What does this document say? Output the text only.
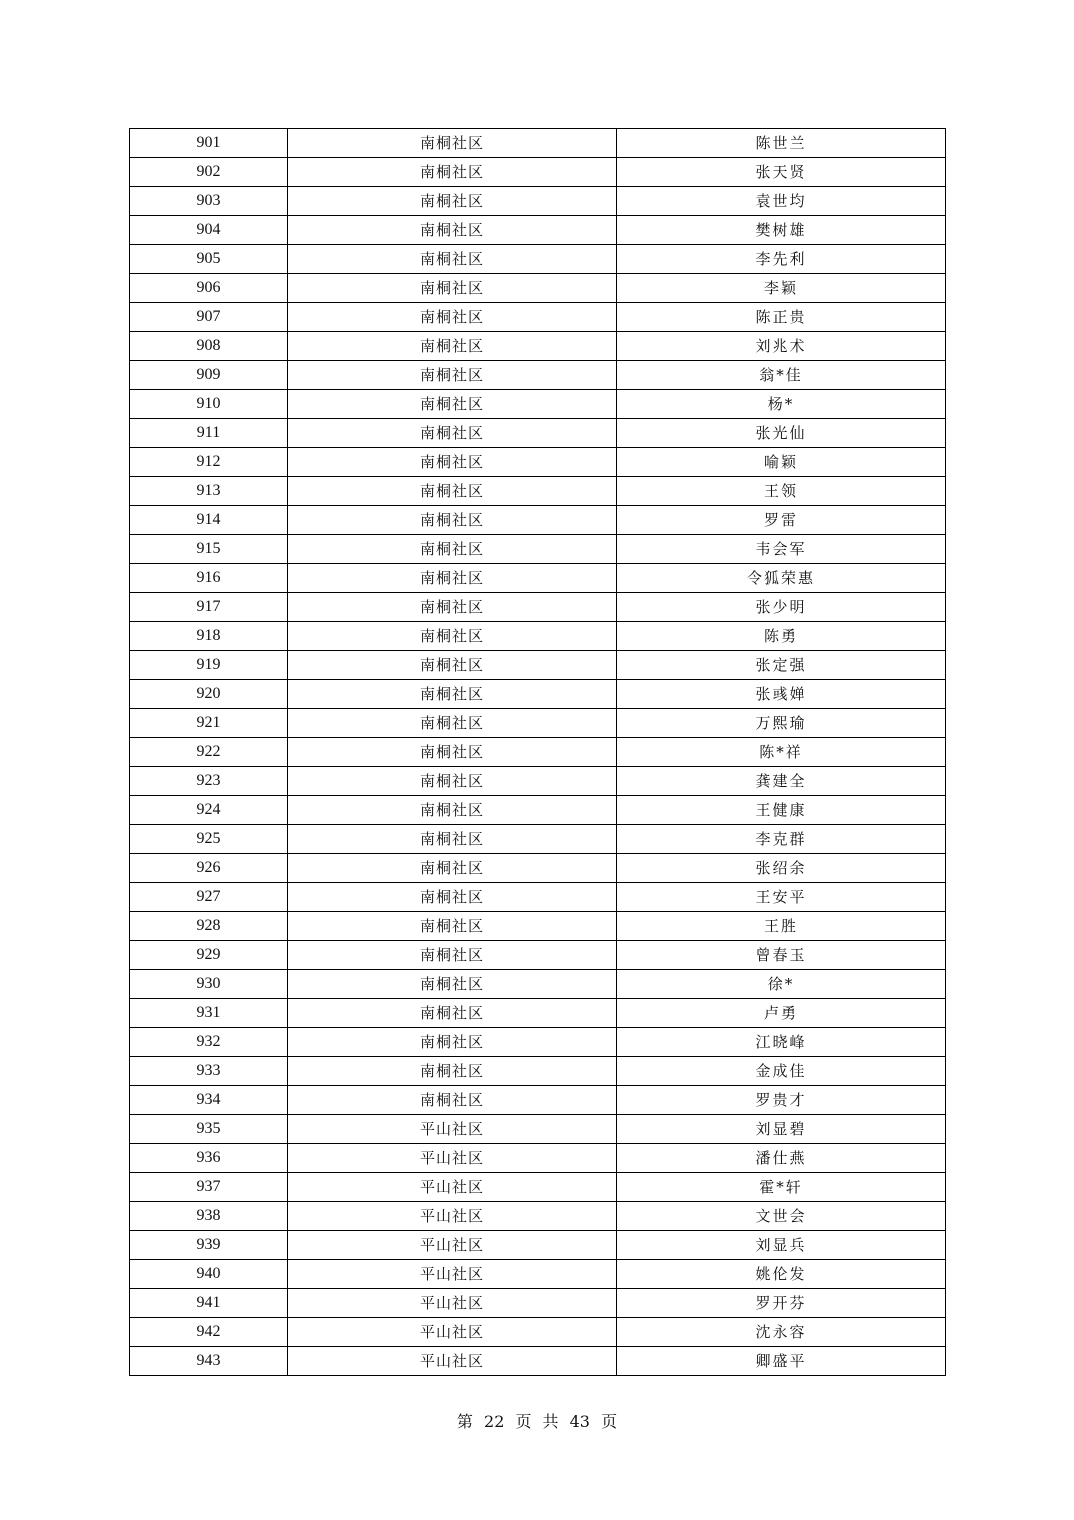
901	南桐社区	陈世兰
902	南桐社区	张天贤
903	南桐社区	袁世均
904	南桐社区	樊树雄
905	南桐社区	李先利
906	南桐社区	李颖
907	南桐社区	陈正贵
908	南桐社区	刘兆术
909	南桐社区	翁*佳
910	南桐社区	杨*
911	南桐社区	张光仙
912	南桐社区	喻颖
913	南桐社区	王领
914	南桐社区	罗雷
915	南桐社区	韦会军
916	南桐社区	令狐荣惠
917	南桐社区	张少明
918	南桐社区	陈勇
919	南桐社区	张定强
920	南桐社区	张彧婵
921	南桐社区	万熙瑜
922	南桐社区	陈*祥
923	南桐社区	龚建全
924	南桐社区	王健康
925	南桐社区	李克群
926	南桐社区	张绍余
927	南桐社区	王安平
928	南桐社区	王胜
929	南桐社区	曾春玉
930	南桐社区	徐*
931	南桐社区	卢勇
932	南桐社区	江晓峰
933	南桐社区	金成佳
934	南桐社区	罗贵才
935	平山社区	刘显碧
936	平山社区	潘仕燕
937	平山社区	霍*轩
938	平山社区	文世会
939	平山社区	刘显兵
940	平山社区	姚伦发
941	平山社区	罗开芬
942	平山社区	沈永容
943	平山社区	卿盛平
第 22 页 共 43 页
